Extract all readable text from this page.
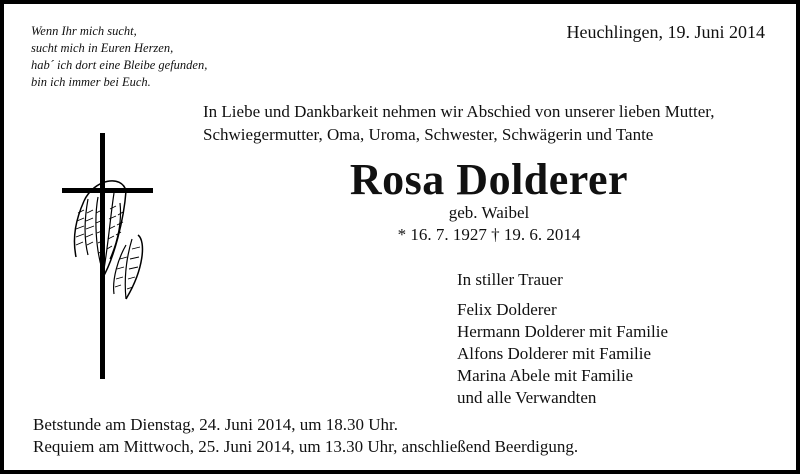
Wenn Ihr mich sucht,
sucht mich in Euren Herzen,
hab´ ich dort eine Bleibe gefunden,
bin ich immer bei Euch.
Heuchlingen, 19. Juni 2014
In Liebe und Dankbarkeit nehmen wir Abschied von unserer lieben Mutter,
Schwiegermutter, Oma, Uroma, Schwester, Schwägerin und Tante
Rosa Dolderer
geb. Waibel
* 16. 7. 1927 † 19. 6. 2014
In stiller Trauer
Felix Dolderer
Hermann Dolderer mit Familie
Alfons Dolderer mit Familie
Marina Abele mit Familie
und alle Verwandten
Betstunde am Dienstag, 24. Juni 2014, um 18.30 Uhr.
Requiem am Mittwoch, 25. Juni 2014, um 13.30 Uhr, anschließend Beerdigung.
